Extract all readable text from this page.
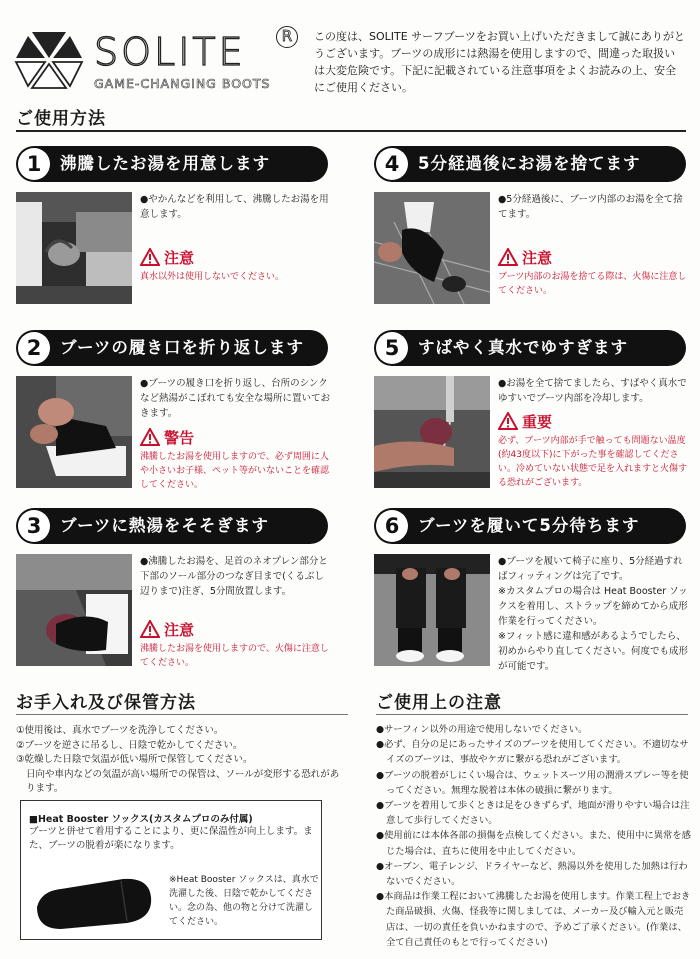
SOLITE	R
GAME-CHANGING BOOTS
この度は、SOLITE サーフブーツをお買い上げいただきまして誠にありがとうございます。ブーツの成形には熱湯を使用しますので、間違った取扱いは大変危険です。下記に記載されている注意事項をよくお読みの上、安全にご使用ください。
ご使用方法
1	沸騰したお湯を用意します
●やかんなどを利用して、沸騰したお湯を用意します。
注意
真水以外は使用しないでください。
2	ブーツの履き口を折り返します
●ブーツの履き口を折り返し、台所のシンクなど熱湯がこぼれても安全な場所に置いておきます。
警告
沸騰したお湯を使用しますので、必ず周囲に人や小さいお子様、ペット等がいないことを確認してください。
3	ブーツに熱湯をそそぎます
●沸騰したお湯を、足首のネオプレン部分と下部のソール部分のつなぎ目まで(くるぶし辺りまで)注ぎ、5分間放置します。
注意
沸騰したお湯を使用しますので、火傷に注意してください。
4	5分経過後にお湯を捨てます
●5分経過後に、ブーツ内部のお湯を全て捨てます。
注意
ブーツ内部のお湯を捨てる際は、火傷に注意してください。
5	すばやく真水でゆすぎます
●お湯を全て捨てましたら、すばやく真水でゆすいでブーツ内部を冷却します。
重要
必ず、ブーツ内部が手で触っても問題ない温度(約43度以下)に下がった事を確認してください。冷めていない状態で足を入れますと火傷する恐れがございます。
6	ブーツを履いて5分待ちます
●ブーツを履いて椅子に座り、5分経過すればフィッティングは完了です。
※カスタムプロの場合は Heat Booster ソックスを着用し、ストラップを締めてから成形作業を行ってください。
※フィット感に違和感があるようでしたら、初めからやり直してください。何度でも成形が可能です。
お手入れ及び保管方法
①使用後は、真水でブーツを洗浄してください。
②ブーツを逆さに吊るし、日陰で乾かしてください。
③乾燥した日陰で気温が低い場所で保管してください。
日向や車内などの気温が高い場所での保管は、ソールが変形する恐れがあります。
■Heat Booster ソックス(カスタムプロのみ付属)
ブーツと併せて着用することにより、更に保温性が向上します。また、ブーツの脱着が楽になります。
※Heat Booster ソックスは、真水で洗濯した後、日陰で乾かしてください。念の為、他の物と分けて洗濯してください。
ご使用上の注意
●サーフィン以外の用途で使用しないでください。
●必ず、自分の足にあったサイズのブーツを使用してください。不適切なサイズのブーツは、事故やケガに繋がる恐れがございます。
●ブーツの脱着がしにくい場合は、ウェットスーツ用の潤滑スプレー等を使ってください。無理な脱着は本体の破損に繋がります。
●ブーツを着用して歩くときは足をひきずらず、地面が滑りやすい場合は注意して歩行してください。
●使用前には本体各部の損傷を点検してください。また、使用中に異常を感じた場合は、直ちに使用を中止してください。
●オーブン、電子レンジ、ドライヤーなど、熱湯以外を使用した加熱は行わないでください。
●本商品は作業工程において沸騰したお湯を使用します。作業工程上でおきた商品破損、火傷、怪我等に関しましては、メーカー及び輸入元と販売店は、一切の責任を負いかねますので、予めご了承ください。(作業は、全て自己責任のもとで行ってください)
